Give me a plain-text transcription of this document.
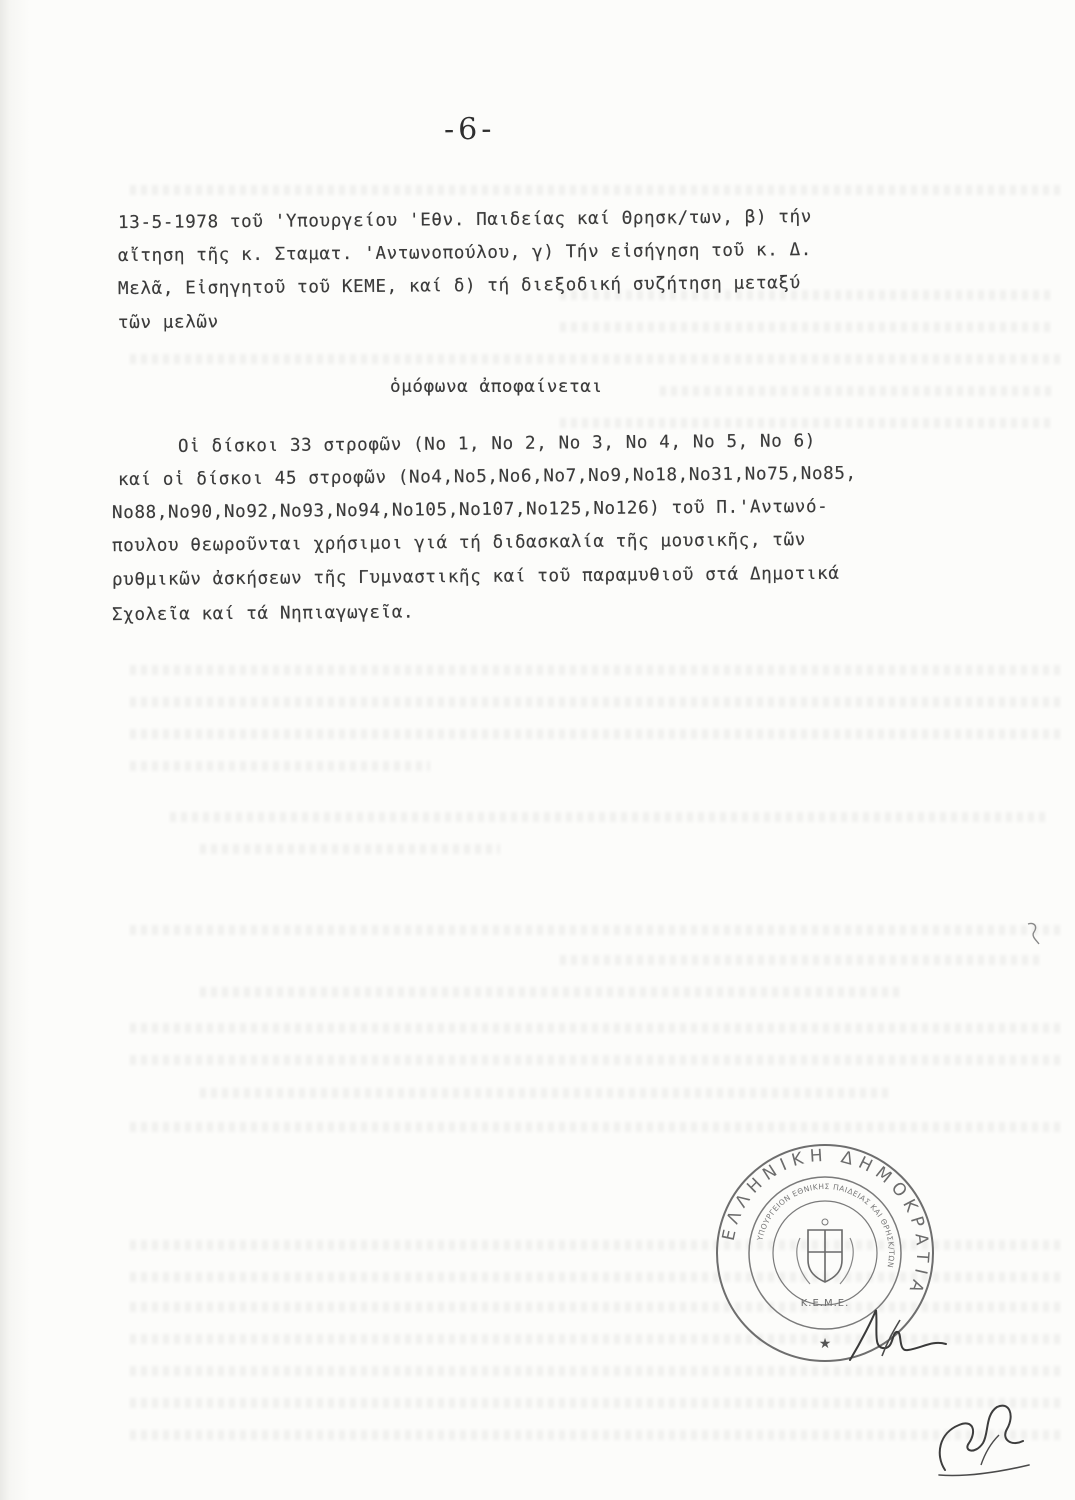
-6-
13-5-1978 τοῦ 'Υπουργείου 'Εθν. Παιδείας καί Θρησκ/των, β) τήν
αἴτηση τῆς κ. Σταματ. 'Αντωνοπούλου, γ) Τήν εἰσήγηση τοῦ κ. Δ.
Μελᾶ, Εἰσηγητοῦ τοῦ ΚΕΜΕ, καί δ) τή διεξοδική συζήτηση μεταξύ
τῶν μελῶν
ὁμόφωνα ἀποφαίνεται
Οἱ δίσκοι 33 στροφῶν (Νο 1, Νο 2, Νο 3, Νο 4, Νο 5, Νο 6)
καί οἱ δίσκοι 45 στροφῶν (Νο4,Νο5,Νο6,Νο7,Νο9,Νο18,Νο31,Νο75,Νο85,
Νο88,Νο90,Νο92,Νο93,Νο94,Νο105,Νο107,Νο125,Νο126) τοῦ Π.'Αντωνό-
πουλου θεωροῦνται χρήσιμοι γιά τή διδασκαλία τῆς μουσικῆς, τῶν
ρυθμικῶν ἀσκήσεων τῆς Γυμναστικῆς καί τοῦ παραμυθιοῦ στά Δημοτικά
Σχολεῖα καί τά Νηπιαγωγεῖα.
ΕΛΛΗΝΙΚΗ ΔΗΜΟΚΡΑΤΙΑ
ΥΠΟΥΡΓΕΙΟΝ ΕΘΝΙΚΗΣ ΠΑΙΔΕΙΑΣ ΚΑΙ ΘΡΗΣΚ/ΤΩΝ
Κ.Ε.Μ.Ε.
★
